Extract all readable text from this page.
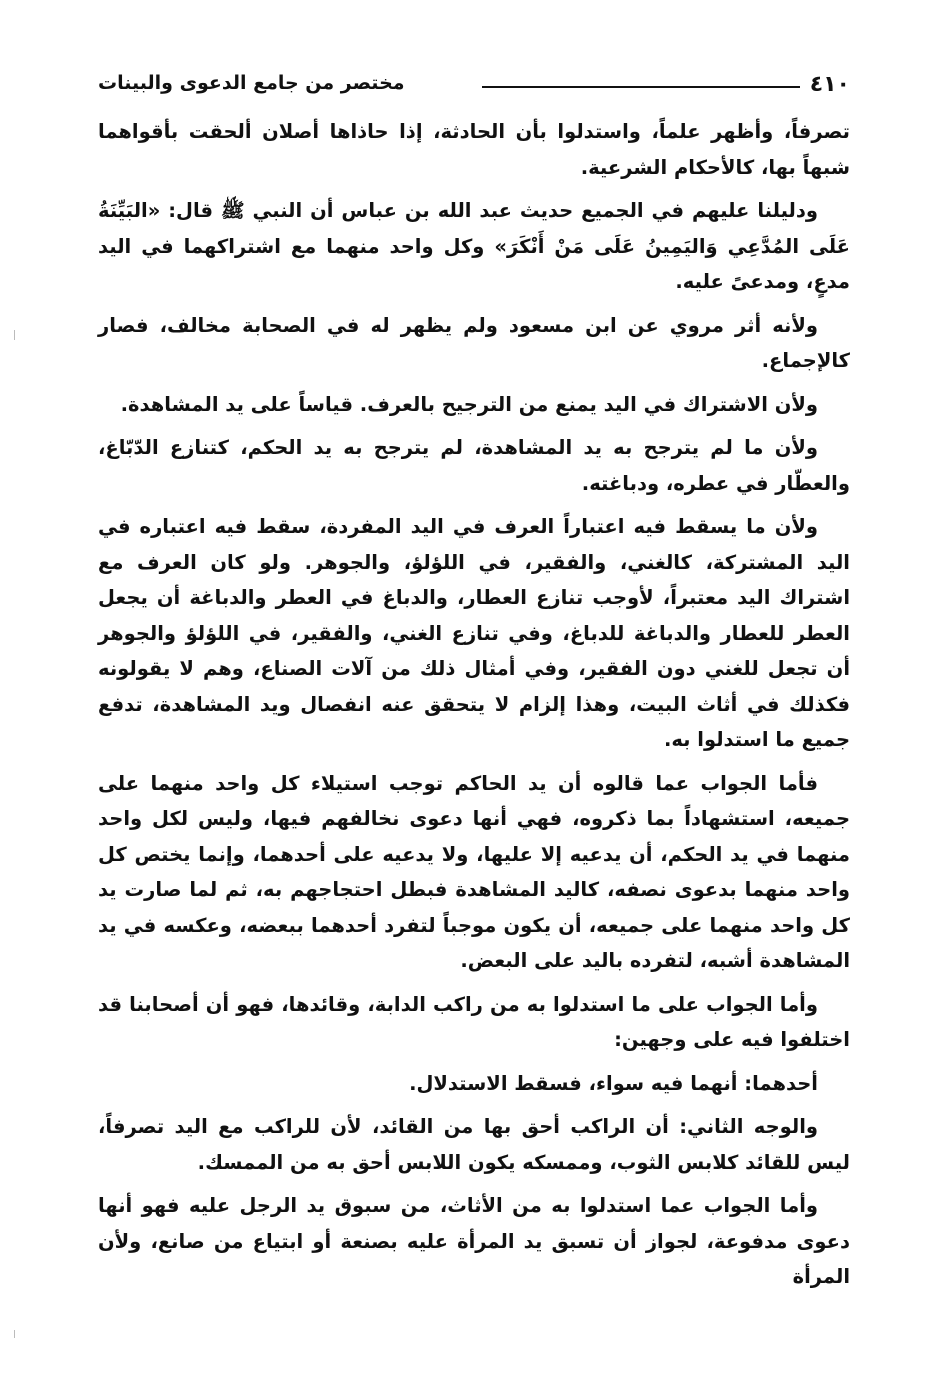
٤١٠
مختصر من جامع الدعوى والبينات

تصرفاً، وأظهر علماً، واستدلوا بأن الحادثة، إذا حاذاها أصلان ألحقت بأقواهما شبهاً بها، كالأحكام الشرعية.

ودليلنا عليهم في الجميع حديث عبد الله بن عباس أن النبي ﷺ قال: «البَيِّنَةُ عَلَى المُدَّعِي وَاليَمِينُ عَلَى مَنْ أَنْكَرَ» وكل واحد منهما مع اشتراكهما في اليد مدعٍ، ومدعىً عليه.

ولأنه أثر مروي عن ابن مسعود ولم يظهر له في الصحابة مخالف، فصار كالإجماع.

ولأن الاشتراك في اليد يمنع من الترجيح بالعرف. قياساً على يد المشاهدة.

ولأن ما لم يترجح به يد المشاهدة، لم يترجح به يد الحكم، كتنازع الدّبّاغ، والعطّار في عطره، ودباغته.

ولأن ما يسقط فيه اعتباراً العرف في اليد المفردة، سقط فيه اعتباره في اليد المشتركة، كالغني، والفقير، في اللؤلؤ، والجوهر. ولو كان العرف مع اشتراك اليد معتبراً، لأوجب تنازع العطار، والدباغ في العطر والدباغة أن يجعل العطر للعطار والدباغة للدباغ، وفي تنازع الغني، والفقير، في اللؤلؤ والجوهر أن تجعل للغني دون الفقير، وفي أمثال ذلك من آلات الصناع، وهم لا يقولونه فكذلك في أثاث البيت، وهذا إلزام لا يتحقق عنه انفصال ويد المشاهدة، تدفع جميع ما استدلوا به.

فأما الجواب عما قالوه أن يد الحاكم توجب استيلاء كل واحد منهما على جميعه، استشهاداً بما ذكروه، فهي أنها دعوى نخالفهم فيها، وليس لكل واحد منهما في يد الحكم، أن يدعيه إلا عليها، ولا يدعيه على أحدهما، وإنما يختص كل واحد منهما بدعوى نصفه، كاليد المشاهدة فبطل احتجاجهم به، ثم لما صارت يد كل واحد منهما على جميعه، أن يكون موجباً لتفرد أحدهما ببعضه، وعكسه في يد المشاهدة أشبه، لتفرده باليد على البعض.

وأما الجواب على ما استدلوا به من راكب الدابة، وقائدها، فهو أن أصحابنا قد اختلفوا فيه على وجهين:

أحدهما: أنهما فيه سواء، فسقط الاستدلال.

والوجه الثاني: أن الراكب أحق بها من القائد، لأن للراكب مع اليد تصرفاً، ليس للقائد كلابس الثوب، وممسكه يكون اللابس أحق به من الممسك.

وأما الجواب عما استدلوا به من الأثاث، من سبوق يد الرجل عليه فهو أنها دعوى مدفوعة، لجواز أن تسبق يد المرأة عليه بصنعة أو ابتياع من صانع، ولأن المرأة
